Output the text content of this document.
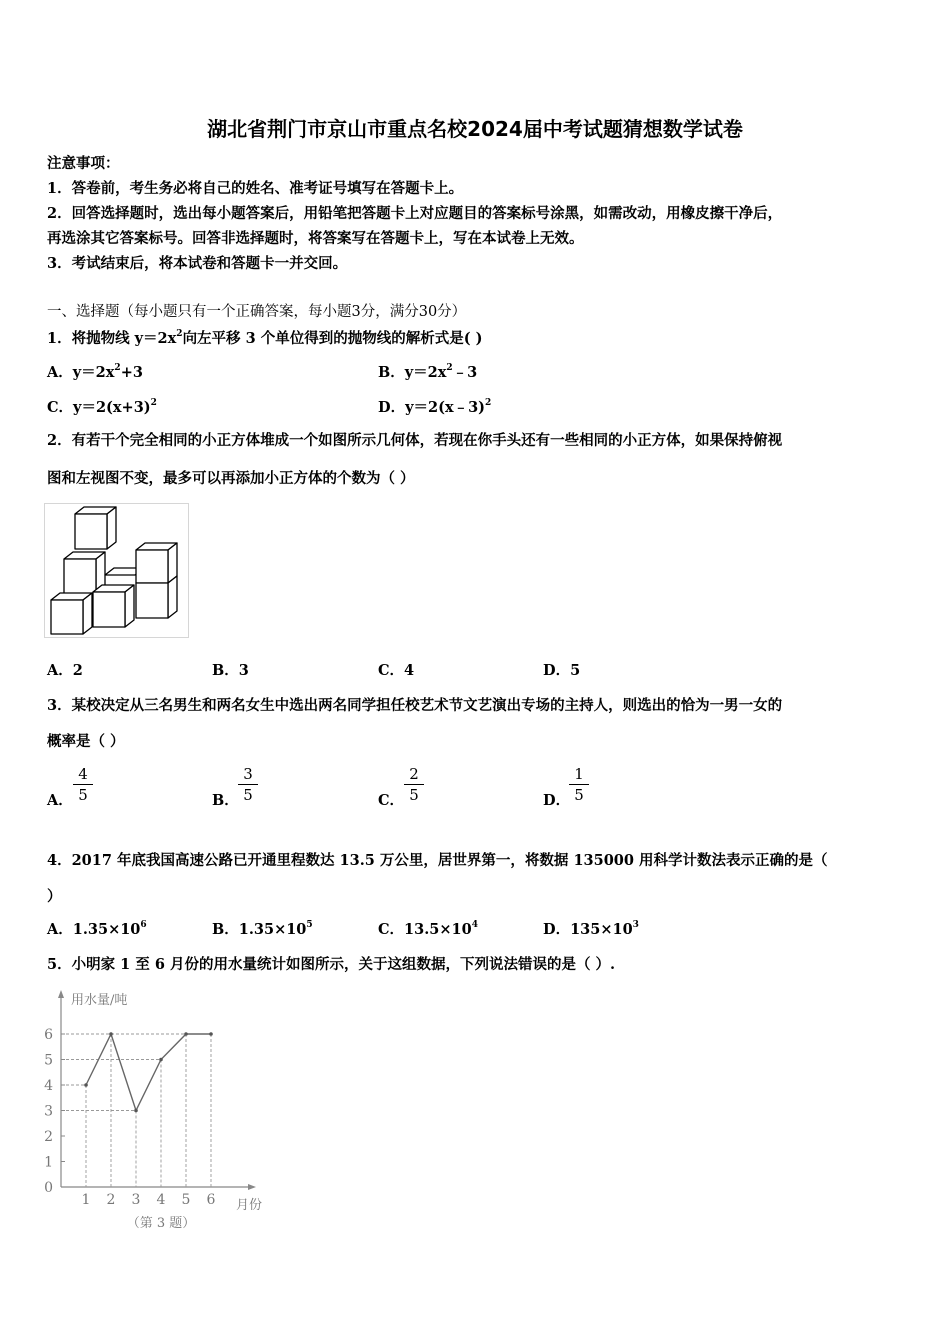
湖北省荆门市京山市重点名校2024届中考试题猜想数学试卷
注意事项：
1．答卷前，考生务必将自己的姓名、准考证号填写在答题卡上。
2．回答选择题时，选出每小题答案后，用铅笔把答题卡上对应题目的答案标号涂黑，如需改动，用橡皮擦干净后，
再选涂其它答案标号。回答非选择题时，将答案写在答题卡上，写在本试卷上无效。
3．考试结束后，将本试卷和答题卡一并交回。
一、选择题（每小题只有一个正确答案，每小题3分，满分30分）
1．将抛物线 $y=2x^2$向左平移 3 个单位得到的抛物线的解析式是( )
A．$y=2x^2+3$	B．$y=2x^2﹣3$
C．$y=2(x+3)^2$	D．y＝2(x﹣3)$^2$
2．有若干个完全相同的小正方体堆成一个如图所示几何体，若现在你手头还有一些相同的小正方体，如果保持俯视
图和左视图不变，最多可以再添加小正方体的个数为（ ）
A．2	B．3	C．4	D．5
3．某校决定从三名男生和两名女生中选出两名同学担任校艺术节文艺演出专场的主持人，则选出的恰为一男一女的
概率是（ ）
A． $\frac{4}{5}$	B． $\frac{3}{5}$	C． $\frac{2}{5}$	D．
$\frac{1}{5}$
4．2017 年底我国高速公路已开通里程数达 13.5 万公里，居世界第一，将数据 135000 用科学计数法表示正确的是（
）
A．$1.35\times 10^6$	B．$1.35\times 10^5$	C．$13.5\times 10^4$	D．$135\times 10^3$
5．小明家 1 至 6 月份的用水量统计如图所示，关于这组数据，下列说法错误的是（ ）.
0
1
2
3
4
5
6
1 2 3 4 5 6
用水量/吨
月份
（第 3 题）
